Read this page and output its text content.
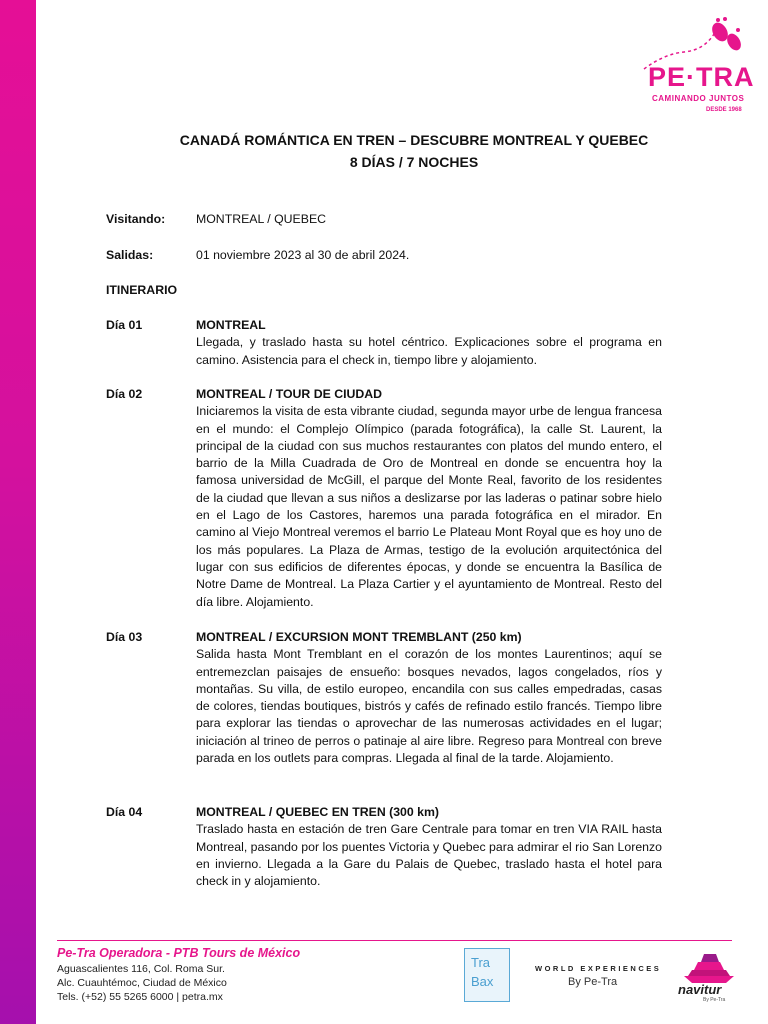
PE·TRA
CAMINANDO JUNTOS
DESDE 1968
CANADÁ ROMÁNTICA EN TREN – DESCUBRE MONTREAL Y QUEBEC
8 DÍAS / 7 NOCHES
Visitando:	MONTREAL / QUEBEC
Salidas:	01 noviembre 2023 al 30 de abril 2024.
ITINERARIO
Día 01	MONTREAL
Llegada, y traslado hasta su hotel céntrico. Explicaciones sobre el programa en camino. Asistencia para el check in, tiempo libre y alojamiento.
Día 02	MONTREAL / TOUR DE CIUDAD
Iniciaremos la visita de esta vibrante ciudad, segunda mayor urbe de lengua francesa en el mundo: el Complejo Olímpico (parada fotográfica), la calle St. Laurent, la principal de la ciudad con sus muchos restaurantes con platos del mundo entero, el barrio de la Milla Cuadrada de Oro de Montreal en donde se encuentra hoy la famosa universidad de McGill, el parque del Monte Real, favorito de los residentes de la ciudad que llevan a sus niños a deslizarse por las laderas o patinar sobre hielo en el Lago de los Castores, haremos una parada fotográfica en el mirador. En camino al Viejo Montreal veremos el barrio Le Plateau Mont Royal que es hoy uno de los más populares. La Plaza de Armas, testigo de la evolución arquitectónica del lugar con sus edificios de diferentes épocas, y donde se encuentra la Basílica de Notre Dame de Montreal. La Plaza Cartier y el ayuntamiento de Montreal. Resto del día libre. Alojamiento.
Día 03	MONTREAL / EXCURSION MONT TREMBLANT (250 km)
Salida hasta Mont Tremblant en el corazón de los montes Laurentinos; aquí se entremezclan paisajes de ensueño: bosques nevados, lagos congelados, ríos y montañas. Su villa, de estilo europeo, encandila con sus calles empedradas, casas de colores, tiendas boutiques, bistrós y cafés de refinado estilo francés. Tiempo libre para explorar las tiendas o aprovechar de las numerosas actividades en el lugar; iniciación al trineo de perros o patinaje al aire libre. Regreso para Montreal con breve parada en los outlets para compras. Llegada al final de la tarde. Alojamiento.
Día 04	MONTREAL / QUEBEC EN TREN (300 km)
Traslado hasta en estación de tren Gare Centrale para tomar en tren VIA RAIL hasta Montreal, pasando por los puentes Victoria y Quebec para admirar el rio San Lorenzo en invierno. Llegada a la Gare du Palais de Quebec, traslado hasta el hotel para check in y alojamiento.
Pe-Tra Operadora - PTB Tours de México
Aguascalientes 116, Col. Roma Sur.
Alc. Cuauhtémoc, Ciudad de México
Tels. (+52) 55 5265 6000 | petra.mx
Tra
Bax
WORLD EXPERIENCES
By Pe-Tra	navitur
By Pe-Tra
